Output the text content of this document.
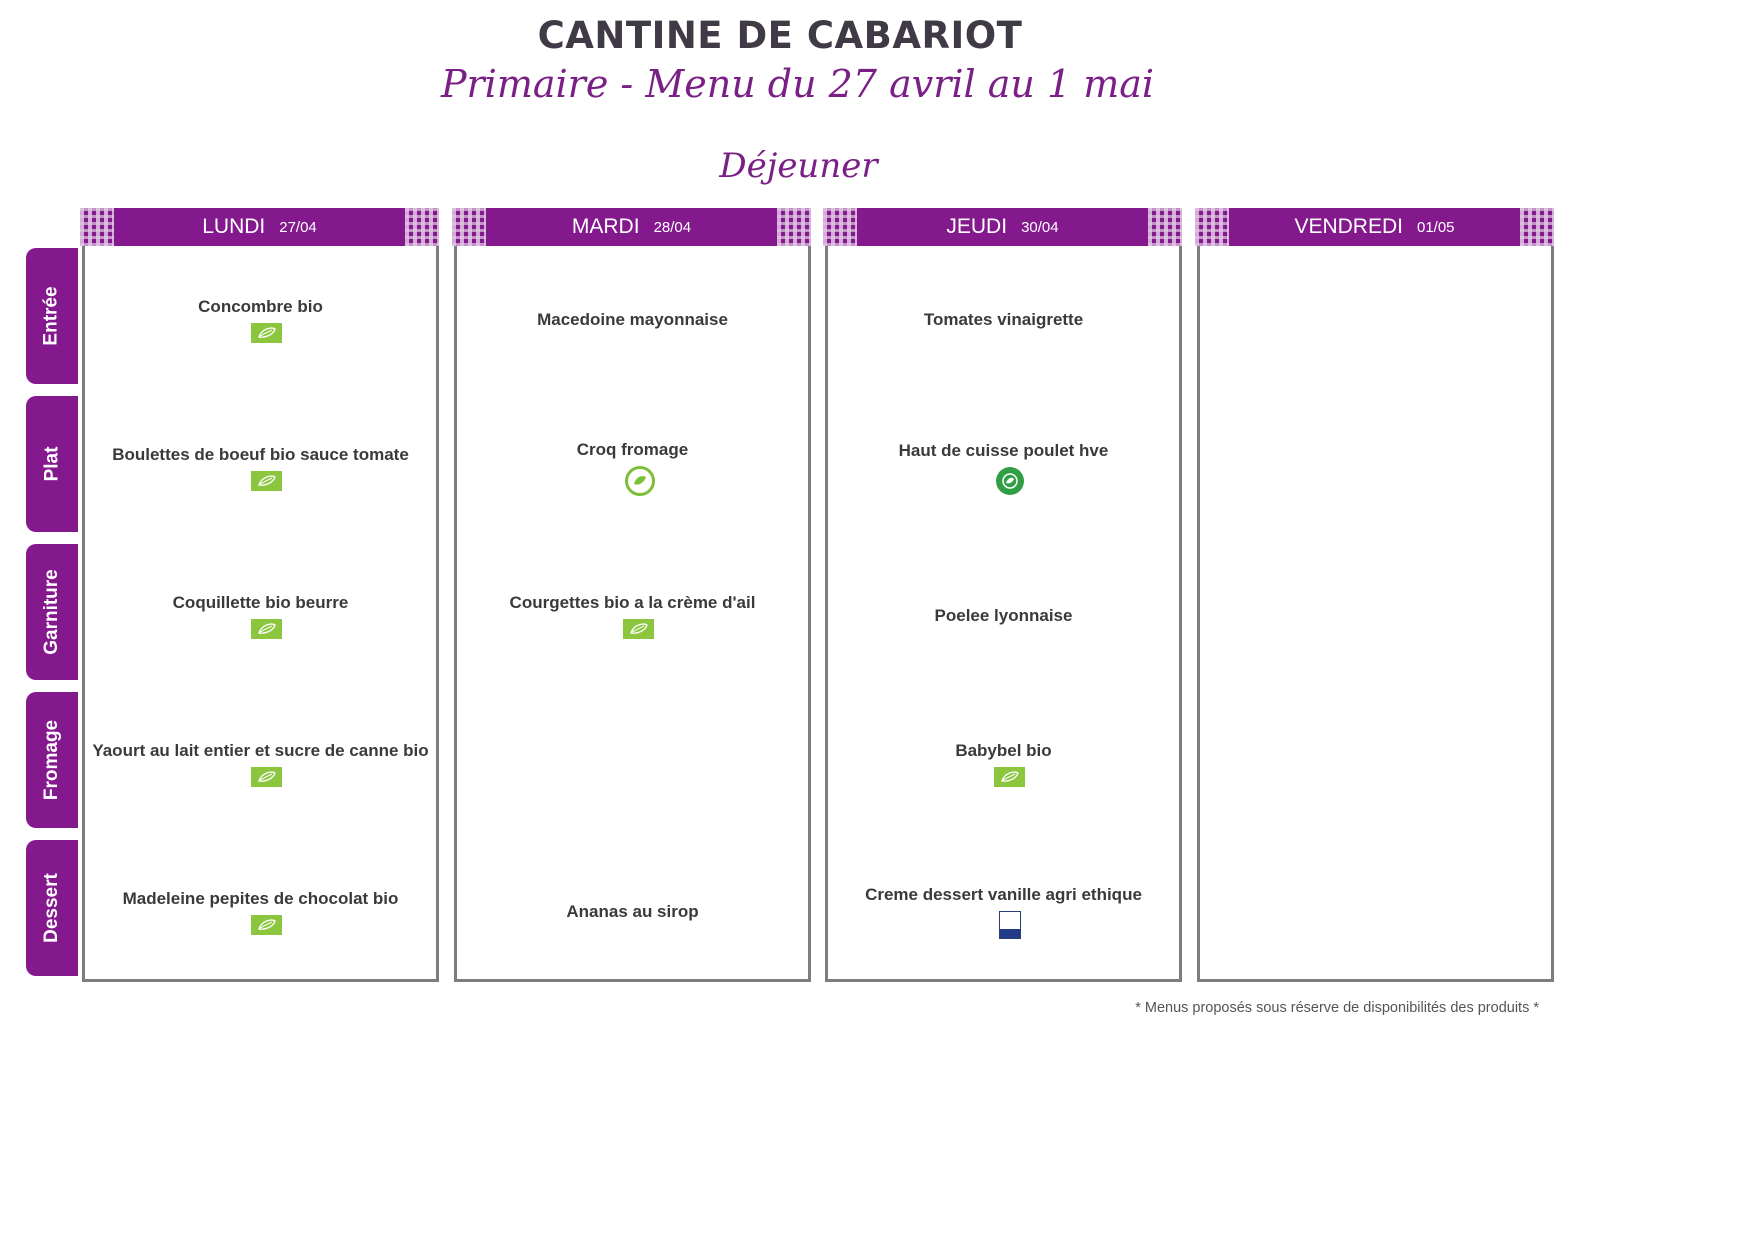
CANTINE DE CABARIOT
Primaire - Menu du 27 avril au 1 mai
Déjeuner
Entrée
Plat
Garniture
Fromage
Dessert
LUNDI 27/04
Concombre bio
Boulettes de boeuf bio sauce tomate
Coquillette bio beurre
Yaourt au lait entier et sucre de canne bio
Madeleine pepites de chocolat bio
MARDI 28/04
Macedoine mayonnaise
Croq fromage
Courgettes bio a la crème d'ail
Ananas au sirop
JEUDI 30/04
Tomates vinaigrette
Haut de cuisse poulet hve
Poelee lyonnaise
Babybel bio
Creme dessert vanille agri ethique
VENDREDI 01/05
* Menus proposés sous réserve de disponibilités des produits *
